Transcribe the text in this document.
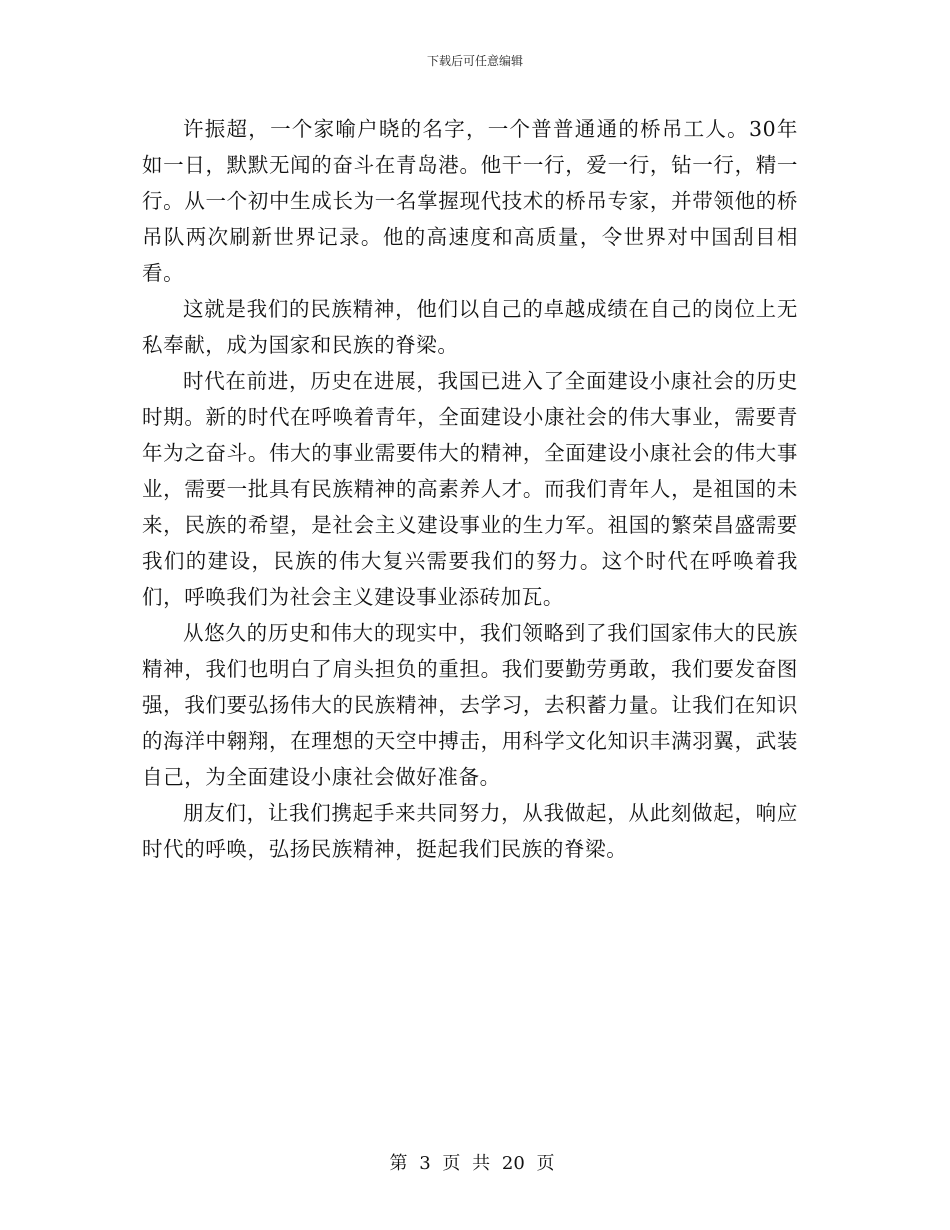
下载后可任意编辑

许振超，一个家喻户晓的名字，一个普普通通的桥吊工人。30年如一日，默默无闻的奋斗在青岛港。他干一行，爱一行，钻一行，精一行。从一个初中生成长为一名掌握现代技术的桥吊专家，并带领他的桥吊队两次刷新世界记录。他的高速度和高质量，令世界对中国刮目相看。

这就是我们的民族精神，他们以自己的卓越成绩在自己的岗位上无私奉献，成为国家和民族的脊梁。

时代在前进，历史在进展，我国已进入了全面建设小康社会的历史时期。新的时代在呼唤着青年，全面建设小康社会的伟大事业，需要青年为之奋斗。伟大的事业需要伟大的精神，全面建设小康社会的伟大事业，需要一批具有民族精神的高素养人才。而我们青年人，是祖国的未来，民族的希望，是社会主义建设事业的生力军。祖国的繁荣昌盛需要我们的建设，民族的伟大复兴需要我们的努力。这个时代在呼唤着我们，呼唤我们为社会主义建设事业添砖加瓦。

从悠久的历史和伟大的现实中，我们领略到了我们国家伟大的民族精神，我们也明白了肩头担负的重担。我们要勤劳勇敢，我们要发奋图强，我们要弘扬伟大的民族精神，去学习，去积蓄力量。让我们在知识的海洋中翱翔，在理想的天空中搏击，用科学文化知识丰满羽翼，武装自己，为全面建设小康社会做好准备。

朋友们，让我们携起手来共同努力，从我做起，从此刻做起，响应时代的呼唤，弘扬民族精神，挺起我们民族的脊梁。

第 3 页 共 20 页
